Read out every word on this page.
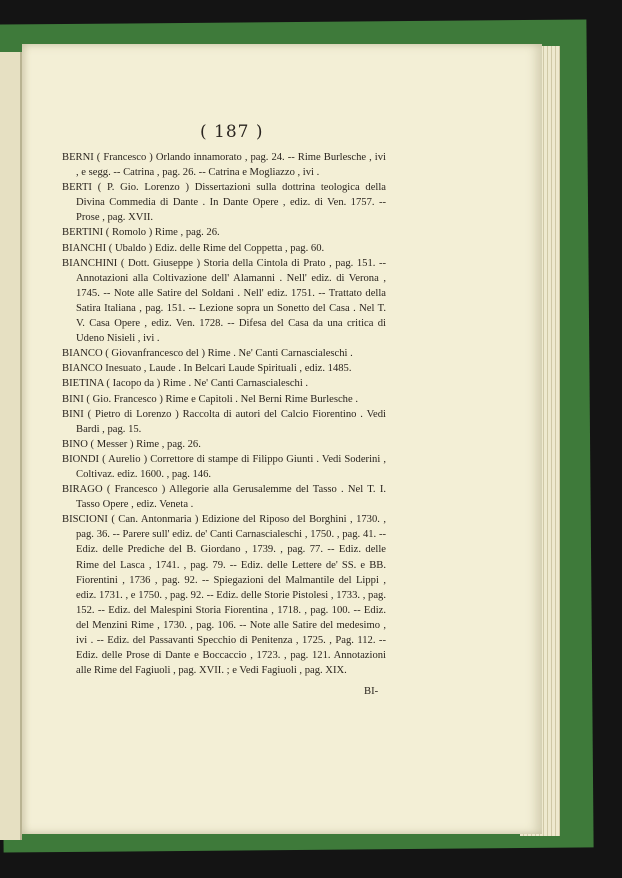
( 187 )
BERNI ( Francesco ) Orlando innamorato , pag. 24. -- Rime Burlesche , ivi , e segg. -- Catrina , pag. 26. -- Catrina e Mogliazzo , ivi .
BERTI ( P. Gio. Lorenzo ) Dissertazioni sulla dottrina teologica della Divina Commedia di Dante . In Dante Opere , ediz. di Ven. 1757. -- Prose , pag. XVII.
BERTINI ( Romolo ) Rime , pag. 26.
BIANCHI ( Ubaldo ) Ediz. delle Rime del Coppetta , pag. 60.
BIANCHINI ( Dott. Giuseppe ) Storia della Cintola di Prato , pag. 151. -- Annotazioni alla Coltivazione dell' Alamanni . Nell' ediz. di Verona , 1745. -- Note alle Satire del Soldani . Nell' ediz. 1751. -- Trattato della Satira Italiana , pag. 151. -- Lezione sopra un Sonetto del Casa . Nel T. V. Casa Opere , ediz. Ven. 1728. -- Difesa del Casa da una critica di Udeno Nisieli , ivi .
BIANCO ( Giovanfrancesco del ) Rime . Ne' Canti Carnascialeschi .
BIANCO Inesuato , Laude . In Belcari Laude Spirituali , ediz. 1485.
BIETINA ( Iacopo da ) Rime . Ne' Canti Carnascialeschi .
BINI ( Gio. Francesco ) Rime e Capitoli . Nel Berni Rime Burlesche .
BINI ( Pietro di Lorenzo ) Raccolta di autori del Calcio Fiorentino . Vedi Bardi , pag. 15.
BINO ( Messer ) Rime , pag. 26.
BIONDI ( Aurelio ) Correttore di stampe di Filippo Giunti . Vedi Soderini , Coltivaz. ediz. 1600. , pag. 146.
BIRAGO ( Francesco ) Allegorie alla Gerusalemme del Tasso . Nel T. I. Tasso Opere , ediz. Veneta .
BISCIONI ( Can. Antonmaria ) Edizione del Riposo del Borghini , 1730. , pag. 36. -- Parere sull' ediz. de' Canti Carnascialeschi , 1750. , pag. 41. -- Ediz. delle Prediche del B. Giordano , 1739. , pag. 77. -- Ediz. delle Rime del Lasca , 1741. , pag. 79. -- Ediz. delle Lettere de' SS. e BB. Fiorentini , 1736 , pag. 92. -- Spiegazioni del Malmantile del Lippi , ediz. 1731. , e 1750. , pag. 92. -- Ediz. delle Storie Pistolesi , 1733. , pag. 152. -- Ediz. del Malespini Storia Fiorentina , 1718. , pag. 100. -- Ediz. del Menzini Rime , 1730. , pag. 106. -- Note alle Satire del medesimo , ivi . -- Ediz. del Passavanti Specchio di Penitenza , 1725. , Pag. 112. -- Ediz. delle Prose di Dante e Boccaccio , 1723. , pag. 121. Annotazioni alle Rime del Fagiuoli , pag. XVII. ; e Vedi Fagiuoli , pag. XIX.
BI-
